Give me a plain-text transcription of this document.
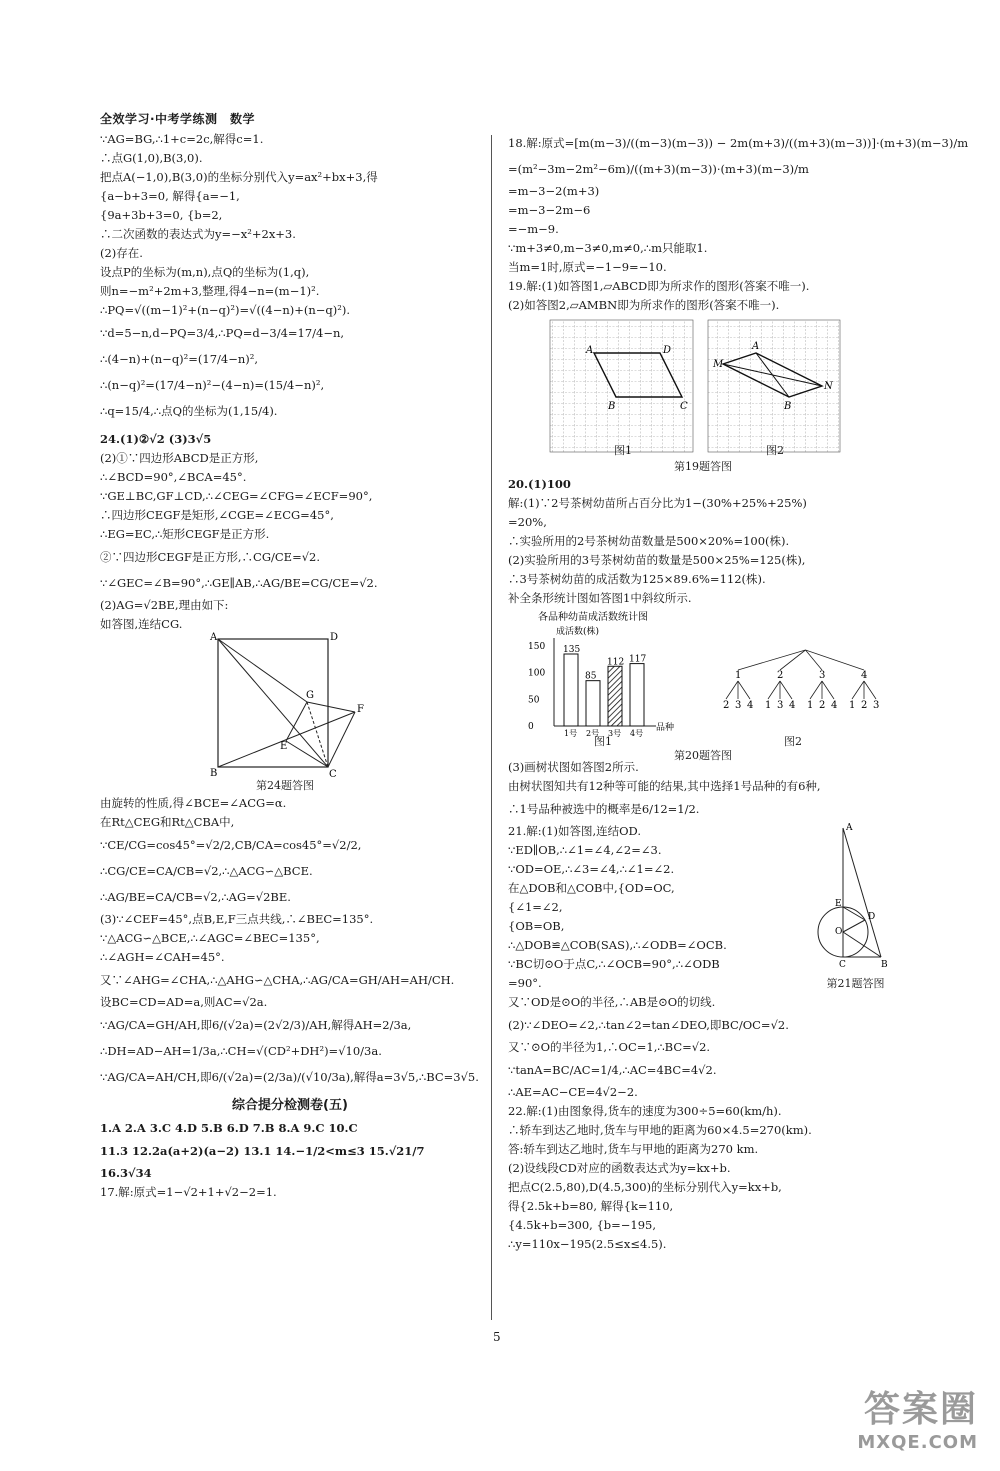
全效学习·中考学练测　数学
∵AG=BG,∴1+c=2c,解得c=1.
∴点G(1,0),B(3,0).
把点A(−1,0),B(3,0)的坐标分别代入y=ax²+bx+3,得
{a−b+3=0, 解得{a=−1,
{9a+3b+3=0, {b=2,
∴二次函数的表达式为y=−x²+2x+3.
(2)存在.
设点P的坐标为(m,n),点Q的坐标为(1,q),
则n=−m²+2m+3,整理,得4−n=(m−1)².
∴PQ=√((m−1)²+(n−q)²)=√((4−n)+(n−q)²).
∵d=5−n,d−PQ=3/4,∴PQ=d−3/4=17/4−n,
∴(4−n)+(n−q)²=(17/4−n)²,
∴(n−q)²=(17/4−n)²−(4−n)=(15/4−n)²,
∴q=15/4,∴点Q的坐标为(1,15/4).
24.(1)②√2 (3)3√5
(2)①∵四边形ABCD是正方形,
∴∠BCD=90°,∠BCA=45°.
∵GE⊥BC,GF⊥CD,∴∠CEG=∠CFG=∠ECF=90°,
∴四边形CEGF是矩形,∠CGE=∠ECG=45°,
∴EG=EC,∴矩形CEGF是正方形.
②∵四边形CEGF是正方形,∴CG/CE=√2.
∵∠GEC=∠B=90°,∴GE∥AB,∴AG/BE=CG/CE=√2.
(2)AG=√2BE,理由如下:
如答图,连结CG.
A	D
B	C
G
F
E
第24题答图
由旋转的性质,得∠BCE=∠ACG=α.
在Rt△CEG和Rt△CBA中,
∵CE/CG=cos45°=√2/2,CB/CA=cos45°=√2/2,
∴CG/CE=CA/CB=√2,∴△ACG∽△BCE.
∴AG/BE=CA/CB=√2,∴AG=√2BE.
(3)∵∠CEF=45°,点B,E,F三点共线,∴∠BEC=135°.
∵△ACG∽△BCE,∴∠AGC=∠BEC=135°,
∴∠AGH=∠CAH=45°.
又∵∠AHG=∠CHA,∴△AHG∽△CHA,∴AG/CA=GH/AH=AH/CH.
设BC=CD=AD=a,则AC=√2a.
∵AG/CA=GH/AH,即6/(√2a)=(2√2/3)/AH,解得AH=2/3a,
∴DH=AD−AH=1/3a,∴CH=√(CD²+DH²)=√10/3a.
∵AG/CA=AH/CH,即6/(√2a)=(2/3a)/(√10/3a),解得a=3√5,∴BC=3√5.
综合提分检测卷(五)
1.A 2.A 3.C 4.D 5.B 6.D 7.B 8.A 9.C 10.C
11.3 12.2a(a+2)(a−2) 13.1 14.−1/2<m≤3 15.√21/7
16.3√34
17.解:原式=1−√2+1+√2−2=1.
18.解:原式=[m(m−3)/((m−3)(m−3)) − 2m(m+3)/((m+3)(m−3))]·(m+3)(m−3)/m
=(m²−3m−2m²−6m)/((m+3)(m−3))·(m+3)(m−3)/m
=m−3−2(m+3)
=m−3−2m−6
=−m−9.
∵m+3≠0,m−3≠0,m≠0,∴m只能取1.
当m=1时,原式=−1−9=−10.
19.解:(1)如答图1,▱ABCD即为所求作的图形(答案不唯一).
(2)如答图2,▱AMBN即为所求作的图形(答案不唯一).
A	D
B	C
M
A
N
B
图1	图2
第19题答图
20.(1)100
解:(1)∵2号茶树幼苗所占百分比为1−(30%+25%+25%)
=20%,
∴实验所用的2号茶树幼苗数量是500×20%=100(株).
(2)实验所用的3号茶树幼苗的数量是500×25%=125(株),
∴3号茶树幼苗的成活数为125×89.6%=112(株).
补全条形统计图如答图1中斜纹所示.
各品种幼苗成活数统计图
成活数(株)
135
1号
85
2号
112
3号
117
4号
品种
1
2 3 4
2
1 3 4
3
1 2 4
4
1 2 3
0
50
100
150
图1	图2
第20题答图
(3)画树状图如答图2所示.
由树状图知共有12种等可能的结果,其中选择1号品种的有6种,
∴1号品种被选中的概率是6/12=1/2.
21.解:(1)如答图,连结OD.
∵ED∥OB,∴∠1=∠4,∠2=∠3.
∵OD=OE,∴∠3=∠4,∴∠1=∠2.
在△DOB和△COB中,{OD=OC,
{∠1=∠2,
{OB=OB,
∴△DOB≌△COB(SAS),∴∠ODB=∠OCB.
∵BC切⊙O于点C,∴∠OCB=90°,∴∠ODB
=90°.
A
E
D
O
C	B
第21题答图
又∵OD是⊙O的半径,∴AB是⊙O的切线.
(2)∵∠DEO=∠2,∴tan∠2=tan∠DEO,即BC/OC=√2.
又∵⊙O的半径为1,∴OC=1,∴BC=√2.
∵tanA=BC/AC=1/4,∴AC=4BC=4√2.
∴AE=AC−CE=4√2−2.
22.解:(1)由图象得,货车的速度为300÷5=60(km/h).
∴轿车到达乙地时,货车与甲地的距离为60×4.5=270(km).
答:轿车到达乙地时,货车与甲地的距离为270 km.
(2)设线段CD对应的函数表达式为y=kx+b.
把点C(2.5,80),D(4.5,300)的坐标分别代入y=kx+b,
得{2.5k+b=80, 解得{k=110,
{4.5k+b=300, {b=−195,
∴y=110x−195(2.5≤x≤4.5).
5
答案圈
MXQE.COM
